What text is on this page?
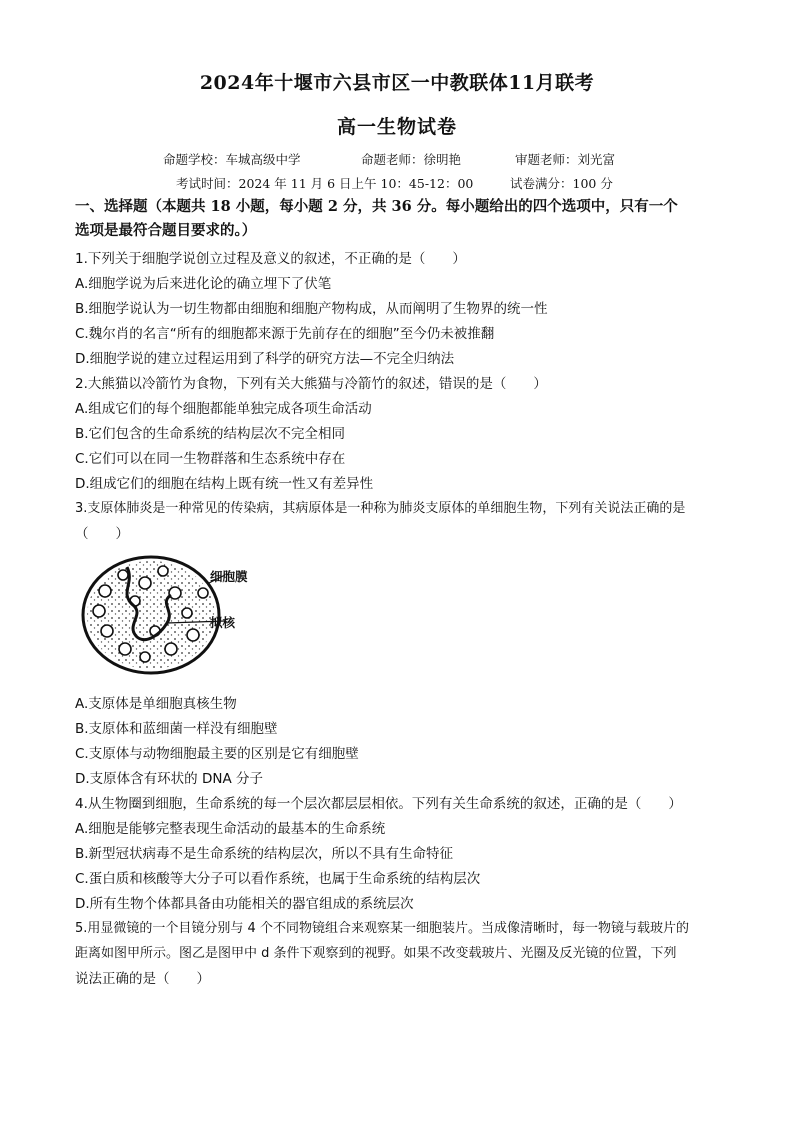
2024年十堰市六县市区一中教联体11月联考
高一生物试卷
命题学校：车城高级中学	命题老师：徐明艳	审题老师：刘光富
考试时间：2024 年 11 月 6 日上午 10：45-12：00	试卷满分：100 分
一、选择题（本题共 18 小题，每小题 2 分，共 36 分。每小题给出的四个选项中，只有一个
选项是最符合题目要求的。）
1.下列关于细胞学说创立过程及意义的叙述，不正确的是（　　）
A.细胞学说为后来进化论的确立埋下了伏笔
B.细胞学说认为一切生物都由细胞和细胞产物构成，从而阐明了生物界的统一性
C.魏尔肖的名言“所有的细胞都来源于先前存在的细胞”至今仍未被推翻
D.细胞学说的建立过程运用到了科学的研究方法—不完全归纳法
2.大熊猫以冷箭竹为食物，下列有关大熊猫与冷箭竹的叙述，错误的是（　　）
A.组成它们的每个细胞都能单独完成各项生命活动
B.它们包含的生命系统的结构层次不完全相同
C.它们可以在同一生物群落和生态系统中存在
D.组成它们的细胞在结构上既有统一性又有差异性
3.支原体肺炎是一种常见的传染病，其病原体是一种称为肺炎支原体的单细胞生物，下列有关说法正确的是
（　　）
细胞膜
拟核
A.支原体是单细胞真核生物
B.支原体和蓝细菌一样没有细胞壁
C.支原体与动物细胞最主要的区别是它有细胞壁
D.支原体含有环状的 DNA 分子
4.从生物圈到细胞，生命系统的每一个层次都层层相依。下列有关生命系统的叙述，正确的是（　　）
A.细胞是能够完整表现生命活动的最基本的生命系统
B.新型冠状病毒不是生命系统的结构层次，所以不具有生命特征
C.蛋白质和核酸等大分子可以看作系统，也属于生命系统的结构层次
D.所有生物个体都具备由功能相关的器官组成的系统层次
5.用显微镜的一个目镜分别与 4 个不同物镜组合来观察某一细胞装片。当成像清晰时，每一物镜与载玻片的
距离如图甲所示。图乙是图甲中 d 条件下观察到的视野。如果不改变载玻片、光圈及反光镜的位置，下列
说法正确的是（　　）
